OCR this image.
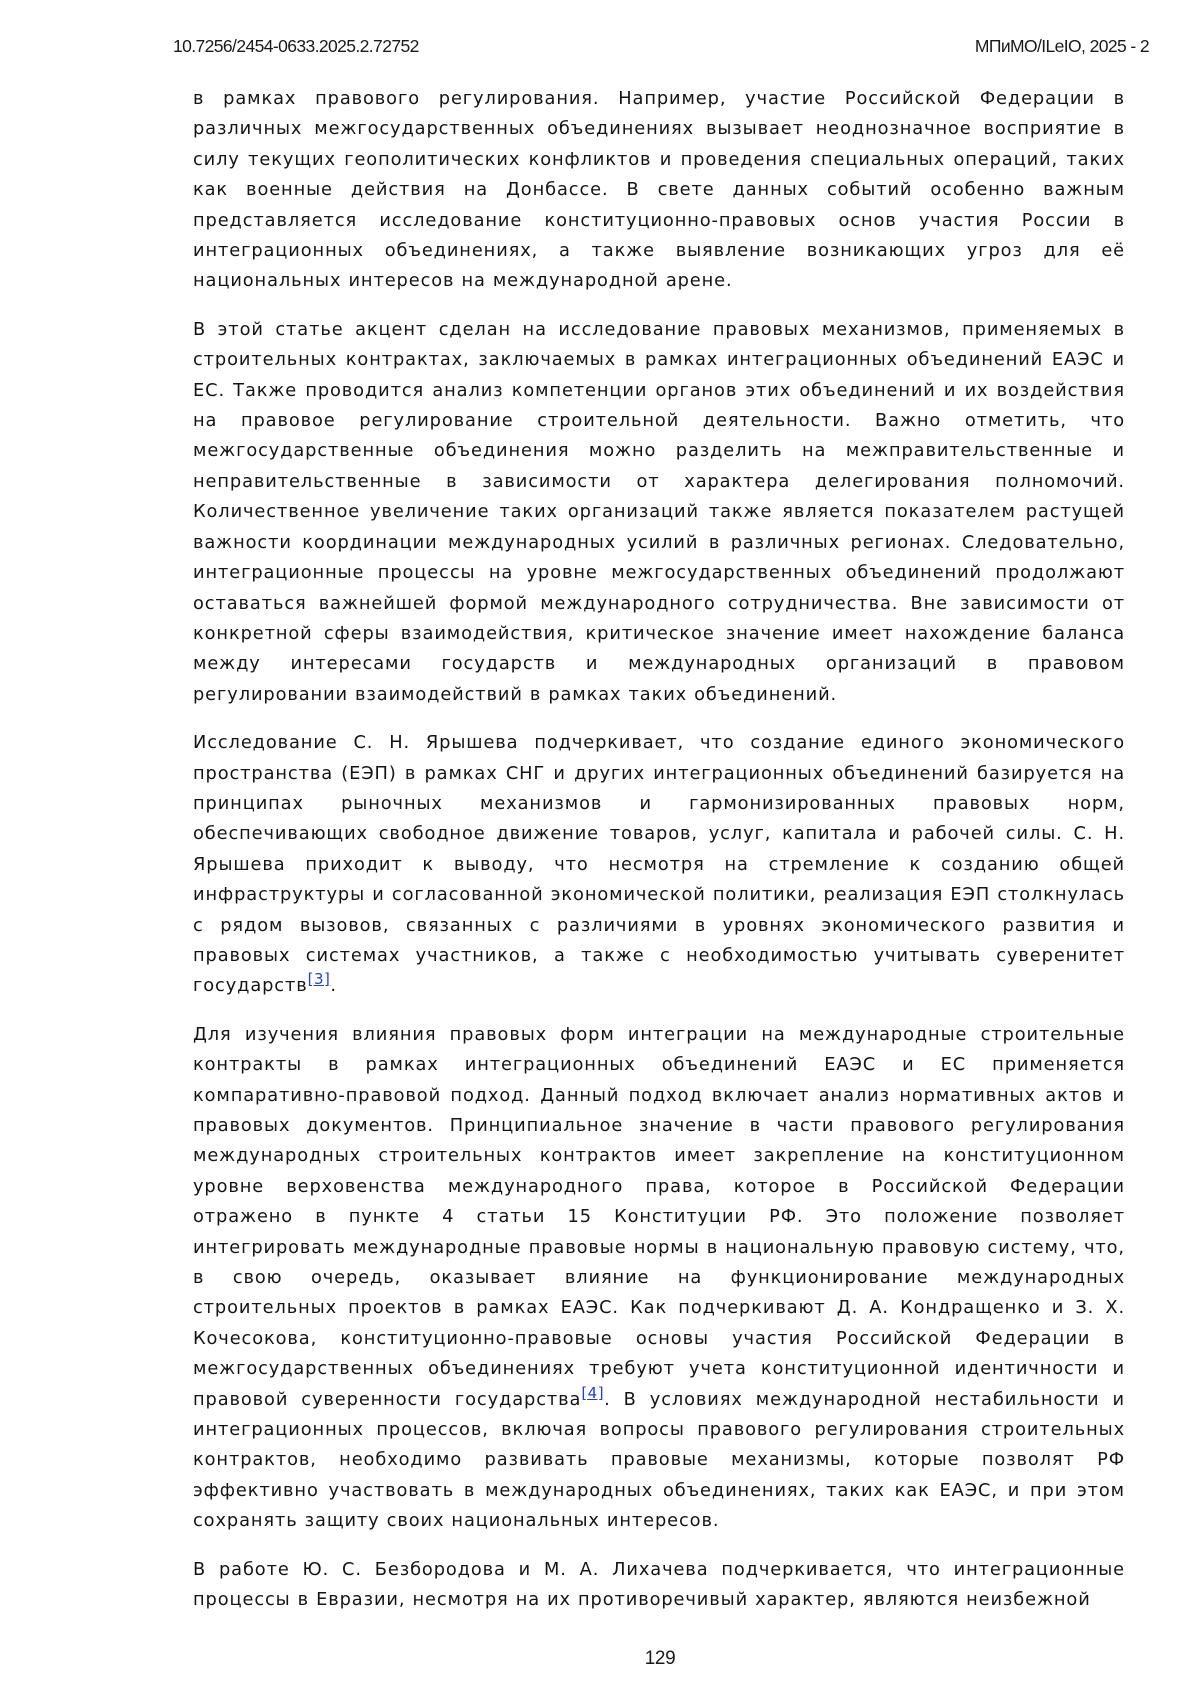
10.7256/2454-0633.2025.2.72752	МПиМО/ILeIO, 2025 - 2

в рамках правового регулирования. Например, участие Российской Федерации в различных межгосударственных объединениях вызывает неоднозначное восприятие в силу текущих геополитических конфликтов и проведения специальных операций, таких как военные действия на Донбассе. В свете данных событий особенно важным представляется исследование конституционно-правовых основ участия России в интеграционных объединениях, а также выявление возникающих угроз для её национальных интересов на международной арене.

В этой статье акцент сделан на исследование правовых механизмов, применяемых в строительных контрактах, заключаемых в рамках интеграционных объединений ЕАЭС и ЕС. Также проводится анализ компетенции органов этих объединений и их воздействия на правовое регулирование строительной деятельности. Важно отметить, что межгосударственные объединения можно разделить на межправительственные и неправительственные в зависимости от характера делегирования полномочий. Количественное увеличение таких организаций также является показателем растущей важности координации международных усилий в различных регионах. Следовательно, интеграционные процессы на уровне межгосударственных объединений продолжают оставаться важнейшей формой международного сотрудничества. Вне зависимости от конкретной сферы взаимодействия, критическое значение имеет нахождение баланса между интересами государств и международных организаций в правовом регулировании взаимодействий в рамках таких объединений.

Исследование С. Н. Ярышева подчеркивает, что создание единого экономического пространства (ЕЭП) в рамках СНГ и других интеграционных объединений базируется на принципах рыночных механизмов и гармонизированных правовых норм, обеспечивающих свободное движение товаров, услуг, капитала и рабочей силы. С. Н. Ярышева приходит к выводу, что несмотря на стремление к созданию общей инфраструктуры и согласованной экономической политики, реализация ЕЭП столкнулась с рядом вызовов, связанных с различиями в уровнях экономического развития и правовых системах участников, а также с необходимостью учитывать суверенитет государств[3].

Для изучения влияния правовых форм интеграции на международные строительные контракты в рамках интеграционных объединений ЕАЭС и ЕС применяется компаративно-правовой подход. Данный подход включает анализ нормативных актов и правовых документов. Принципиальное значение в части правового регулирования международных строительных контрактов имеет закрепление на конституционном уровне верховенства международного права, которое в Российской Федерации отражено в пункте 4 статьи 15 Конституции РФ. Это положение позволяет интегрировать международные правовые нормы в национальную правовую систему, что, в свою очередь, оказывает влияние на функционирование международных строительных проектов в рамках ЕАЭС. Как подчеркивают Д. А. Кондращенко и З. Х. Кочесокова, конституционно-правовые основы участия Российской Федерации в межгосударственных объединениях требуют учета конституционной идентичности и правовой суверенности государства[4]. В условиях международной нестабильности и интеграционных процессов, включая вопросы правового регулирования строительных контрактов, необходимо развивать правовые механизмы, которые позволят РФ эффективно участвовать в международных объединениях, таких как ЕАЭС, и при этом сохранять защиту своих национальных интересов.

В работе Ю. С. Безбородова и М. А. Лихачева подчеркивается, что интеграционные процессы в Евразии, несмотря на их противоречивый характер, являются неизбежной

129
